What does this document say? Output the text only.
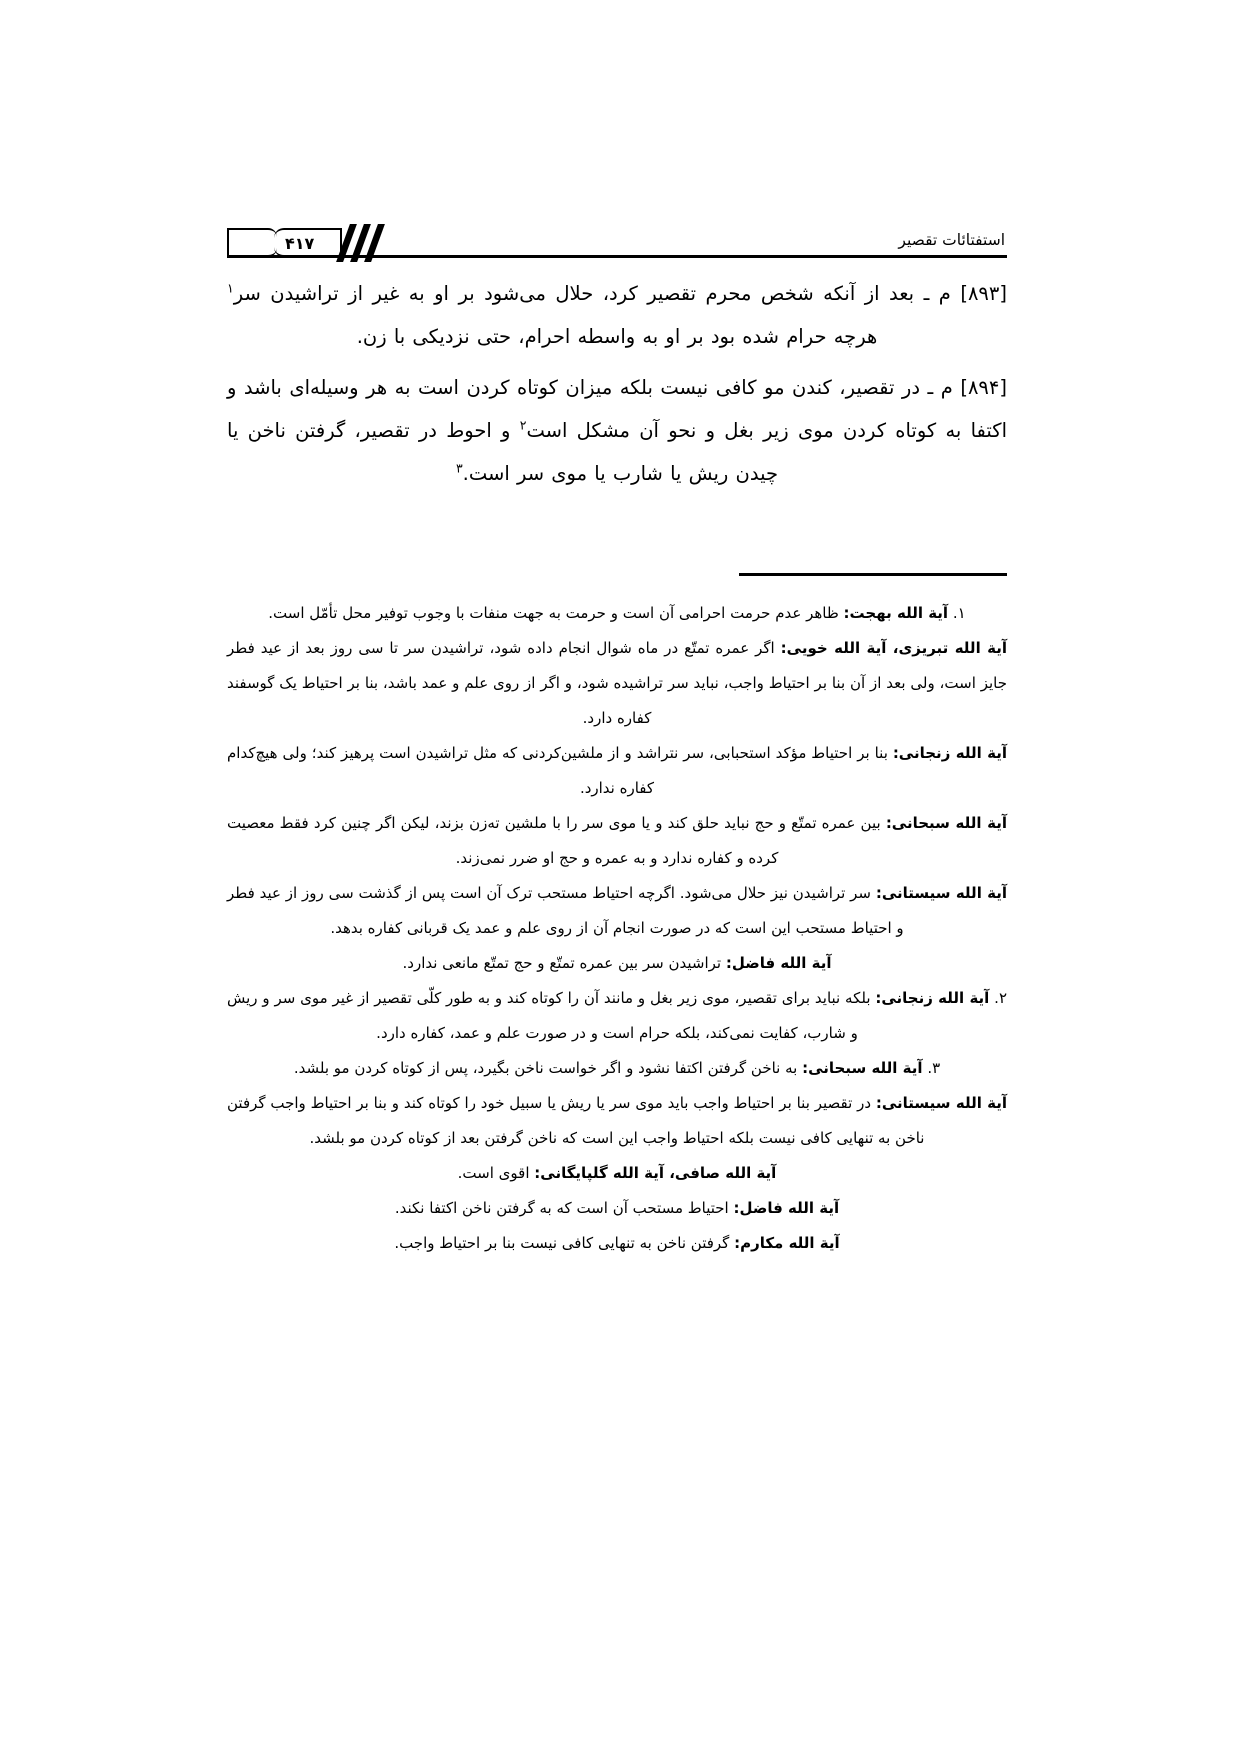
استفتائات تقصیر
۴۱۷

[۸۹۳] م ـ بعد از آنکه شخص محرم تقصیر کرد، حلال می‌شود بر او به غیر از تراشیدن سر$^۱$ هرچه حرام شده بود بر او به واسطه احرام، حتی نزدیکی با زن.

[۸۹۴] م ـ در تقصیر، کندن مو کافی نیست بلکه میزان کوتاه کردن است به هر وسیله‌ای باشد و اکتفا به کوتاه کردن موی زیر بغل و نحو آن مشکل است$^۲$ و احوط در تقصیر، گرفتن ناخن یا چیدن ریش یا شارب یا موی سر است.$^۳$

۱. آیة الله بهجت: ظاهر عدم حرمت احرامی آن است و حرمت به جهت منفات با وجوب توفیر محل تأمّل است.
آیة الله تبریزی، آیة الله خویی: اگر عمره تمتّع در ماه شوال انجام داده شود، تراشیدن سر تا سی روز بعد از عید فطر جایز است، ولی بعد از آن بنا بر احتیاط واجب، نباید سر تراشیده شود، و اگر از روی علم و عمد باشد، بنا بر احتیاط یک گوسفند کفاره دارد.
آیة الله زنجانی: بنا بر احتیاط مؤکد استحبابی، سر نتراشد و از ملشین‌کردنی که مثل تراشیدن است پرهیز کند؛ ولی هیچ‌کدام کفاره ندارد.
آیة الله سبحانی: بین عمره تمتّع و حج نباید حلق کند و یا موی سر را با ملشین ته‌زن بزند، لیکن اگر چنین کرد فقط معصیت کرده و کفاره ندارد و به عمره و حج او ضرر نمی‌زند.
آیة الله سیستانی: سر تراشیدن نیز حلال می‌شود. اگرچه احتیاط مستحب ترک آن است پس از گذشت سی روز از عید فطر و احتیاط مستحب این است که در صورت انجام آن از روی علم و عمد یک قربانی کفاره بدهد.
آیة الله فاضل: تراشیدن سر بین عمره تمتّع و حج تمتّع مانعی ندارد.
۲. آیة الله زنجانی: بلکه نباید برای تقصیر، موی زیر بغل و مانند آن را کوتاه کند و به طور کلّی تقصیر از غیر موی سر و ریش و شارب، کفایت نمی‌کند، بلکه حرام است و در صورت علم و عمد، کفاره دارد.
۳. آیة الله سبحانی: به ناخن گرفتن اکتفا نشود و اگر خواست ناخن بگیرد، پس از کوتاه کردن مو بلشد.
آیة الله سیستانی: در تقصیر بنا بر احتیاط واجب باید موی سر یا ریش یا سبیل خود را کوتاه کند و بنا بر احتیاط واجب گرفتن ناخن به تنهایی کافی نیست بلکه احتیاط واجب این است که ناخن گرفتن بعد از کوتاه کردن مو بلشد.
آیة الله صافی، آیة الله گلپایگانی: اقوی است.
آیة الله فاضل: احتیاط مستحب آن است که به گرفتن ناخن اکتفا نکند.
آیة الله مکارم: گرفتن ناخن به تنهایی کافی نیست بنا بر احتیاط واجب.
